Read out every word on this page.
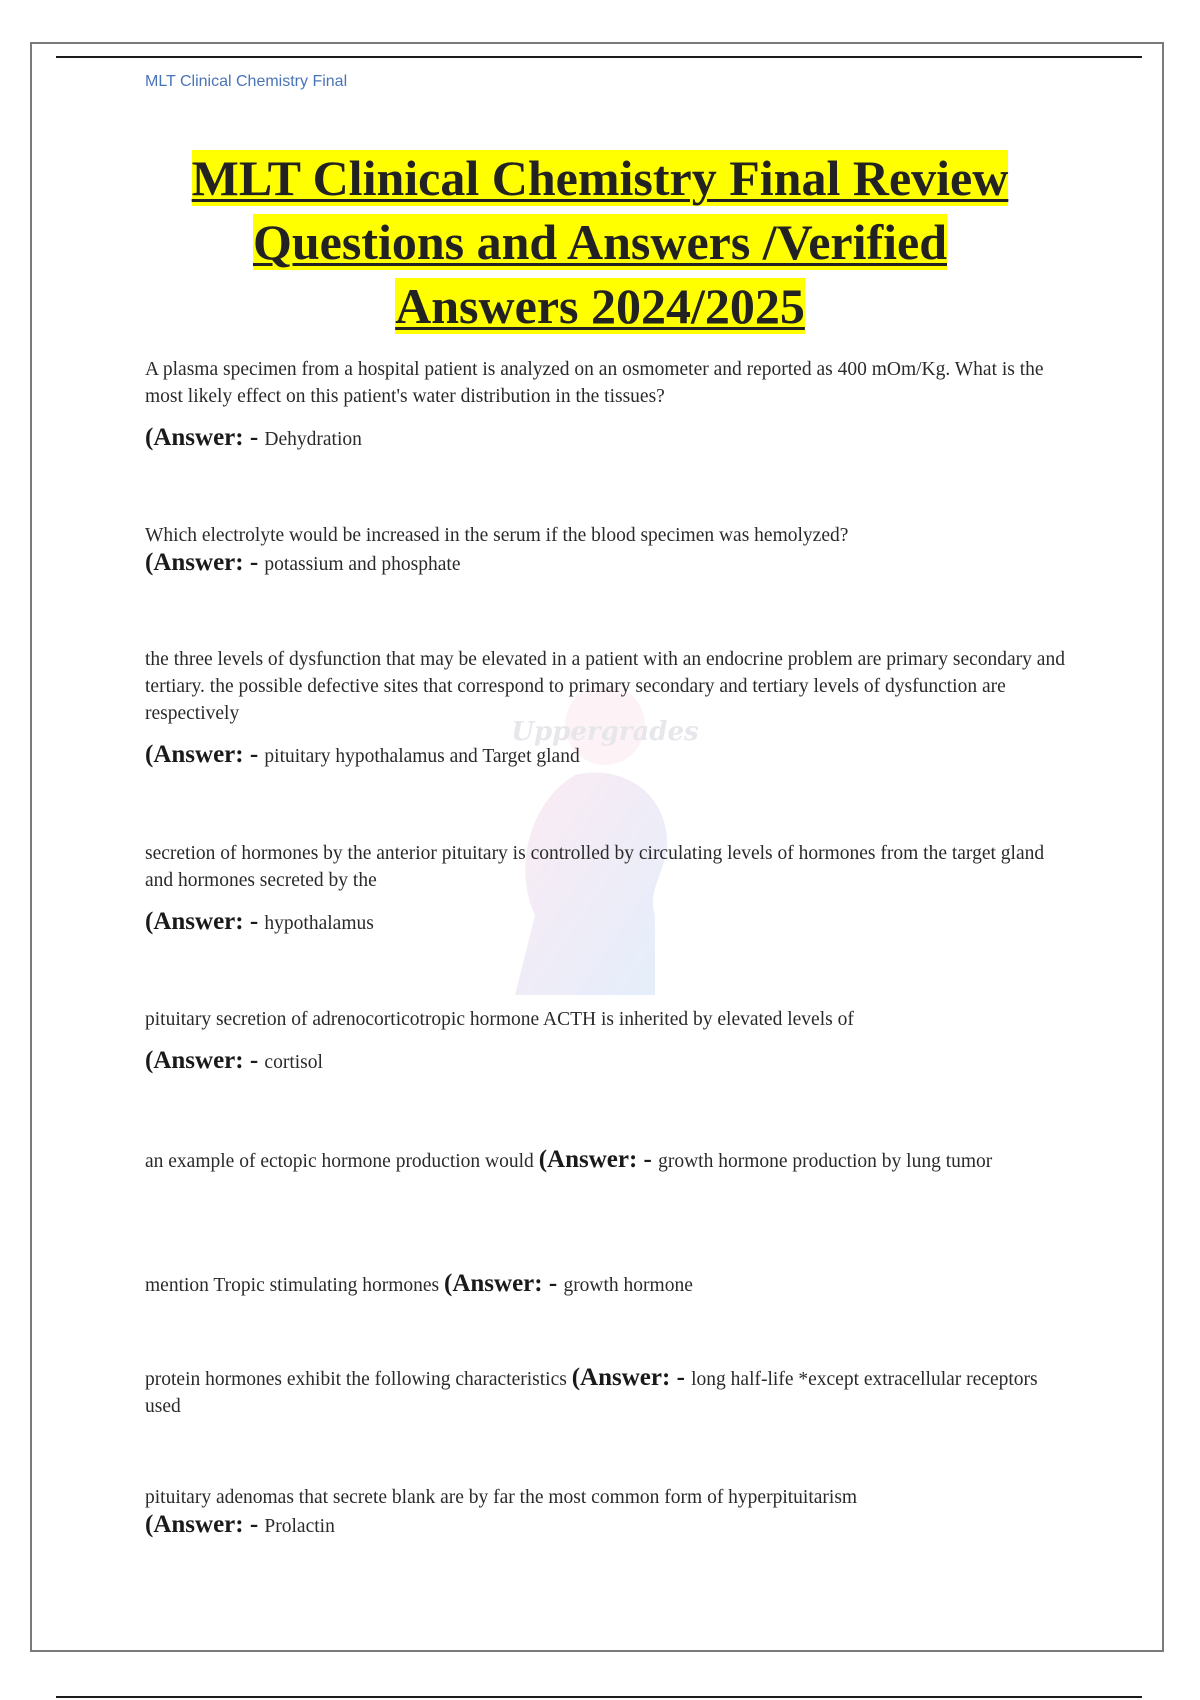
MLT Clinical Chemistry Final
MLT Clinical Chemistry Final Review
Questions and Answers /Verified
Answers 2024/2025
Uppergrades
A plasma specimen from a hospital patient is analyzed on an osmometer and reported as 400 mOm/Kg. What is the most likely effect on this patient's water distribution in the tissues?
(Answer: - Dehydration
Which electrolyte would be increased in the serum if the blood specimen was hemolyzed?
(Answer: - potassium and phosphate
the three levels of dysfunction that may be elevated in a patient with an endocrine problem are primary secondary and tertiary. the possible defective sites that correspond to primary secondary and tertiary levels of dysfunction are respectively
(Answer: - pituitary hypothalamus and Target gland
secretion of hormones by the anterior pituitary is controlled by circulating levels of hormones from the target gland and hormones secreted by the
(Answer: - hypothalamus
pituitary secretion of adrenocorticotropic hormone ACTH is inherited by elevated levels of
(Answer: - cortisol
an example of ectopic hormone production would (Answer: - growth hormone production by lung tumor
mention Tropic stimulating hormones (Answer: - growth hormone
protein hormones exhibit the following characteristics (Answer: - long half-life *except extracellular receptors used
pituitary adenomas that secrete blank are by far the most common form of hyperpituitarism
(Answer: - Prolactin
